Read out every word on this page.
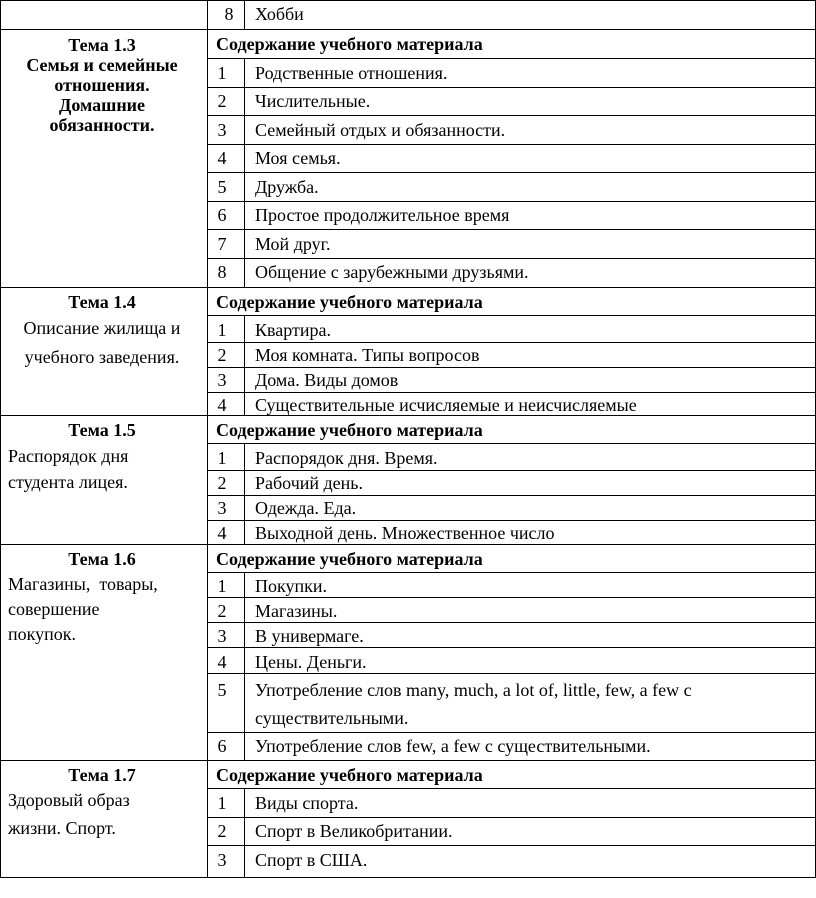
8	Хобби
Тема 1.3
Семья и семейные
отношения.
Домашние
обязанности.
Содержание учебного материала
1	Родственные отношения.
2	Числительные.
3	Семейный отдых и обязанности.
4	Моя семья.
5	Дружба.
6	Простое продолжительное время
7	Мой друг.
8	Общение с зарубежными друзьями.
Тема 1.4
Описание жилища и
учебного заведения.
Содержание учебного материала
1	Квартира.
2	Моя комната. Типы вопросов
3	Дома. Виды домов
4	Существительные исчисляемые и неисчисляемые
Тема 1.5
Распорядок дня
студента лицея.
Содержание учебного материала
1	Распорядок дня. Время.
2	Рабочий день.
3	Одежда. Еда.
4	Выходной день. Множественное число
Тема 1.6
Магазины,  товары,
совершение
покупок.
Содержание учебного материала
1	Покупки.
2	Магазины.
3	В универмаге.
4	Цены. Деньги.
5	Употребление слов many, much, a lot of, little, few, a few с
существительными.
6	Употребление слов few, a few с существительными.
Тема 1.7
Здоровый образ
жизни. Спорт.
Содержание учебного материала
1	Виды спорта.
2	Спорт в Великобритании.
3	Спорт в США.
